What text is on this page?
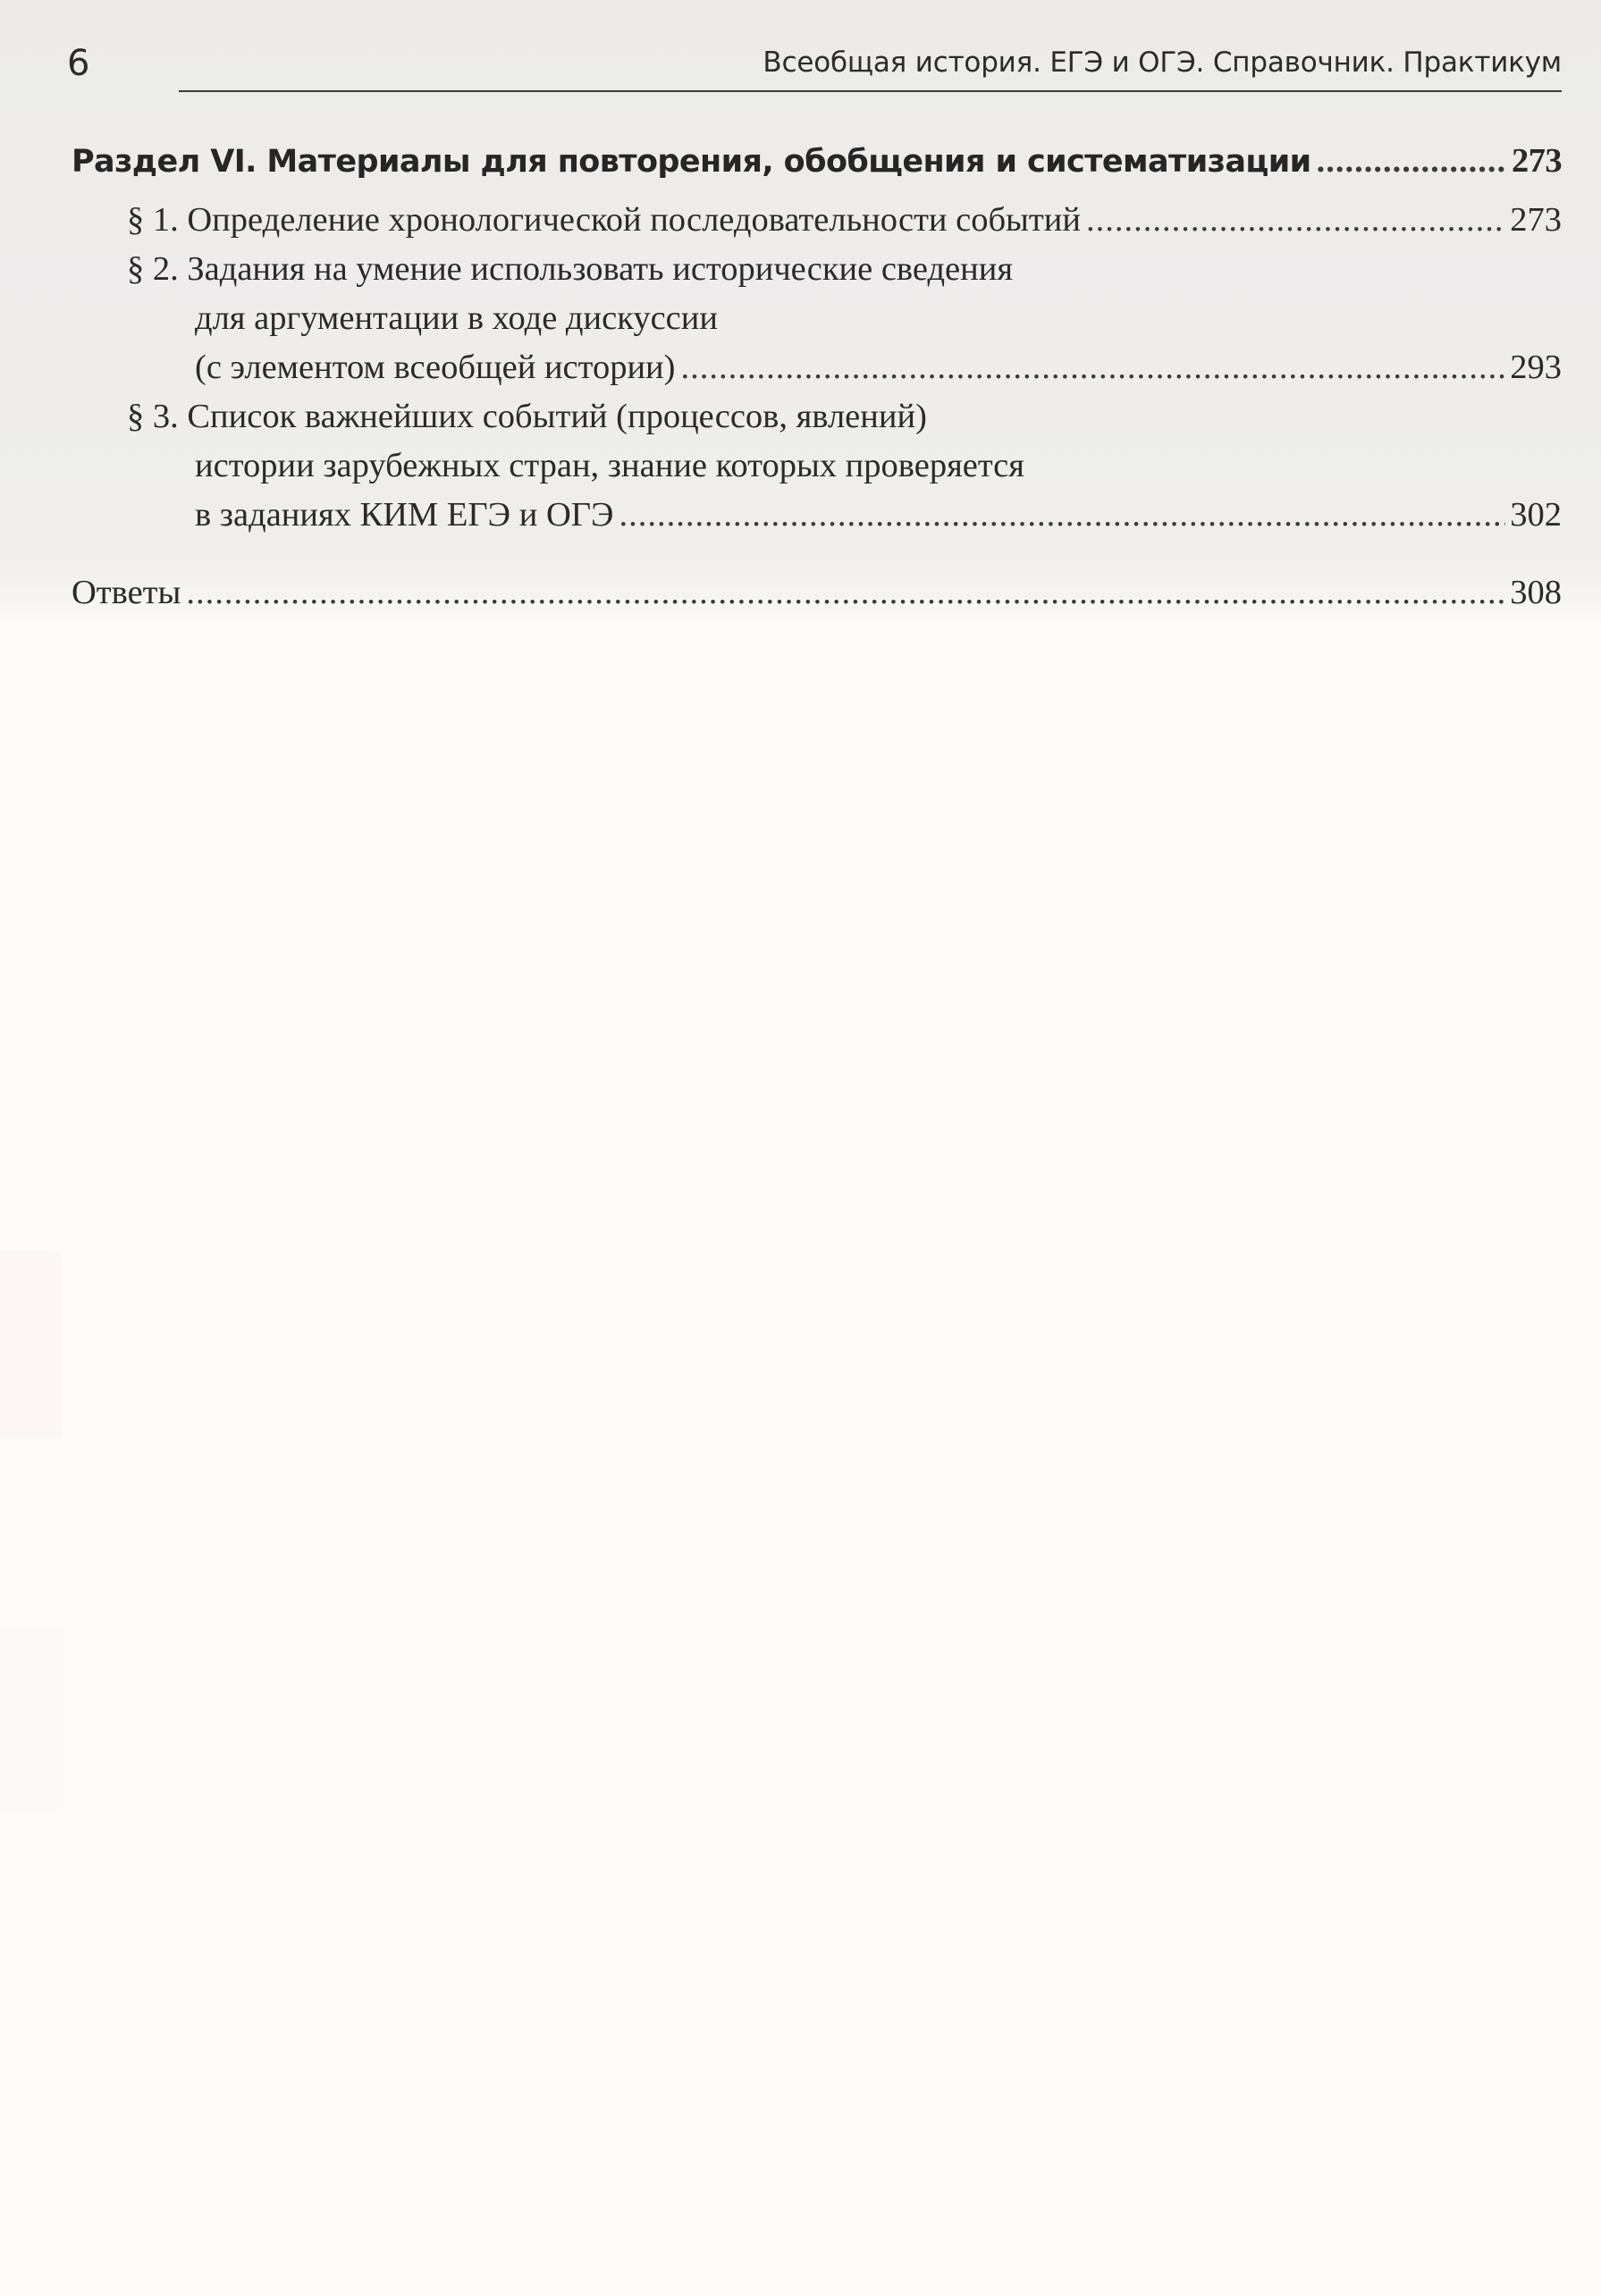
6	Всеобщая история. ЕГЭ и ОГЭ. Справочник. Практикум
Раздел VI. Материалы для повторения, обобщения и систематизации .....	273
§ 1. Определение хронологической последовательности событий .....	273
§ 2. Задания на умение использовать исторические сведения
для аргументации в ходе дискуссии
(с элементом всеобщей истории) .....	293
§ 3. Список важнейших событий (процессов, явлений)
истории зарубежных стран, знание которых проверяется
в заданиях КИМ ЕГЭ и ОГЭ .....	302
Ответы .....	308
